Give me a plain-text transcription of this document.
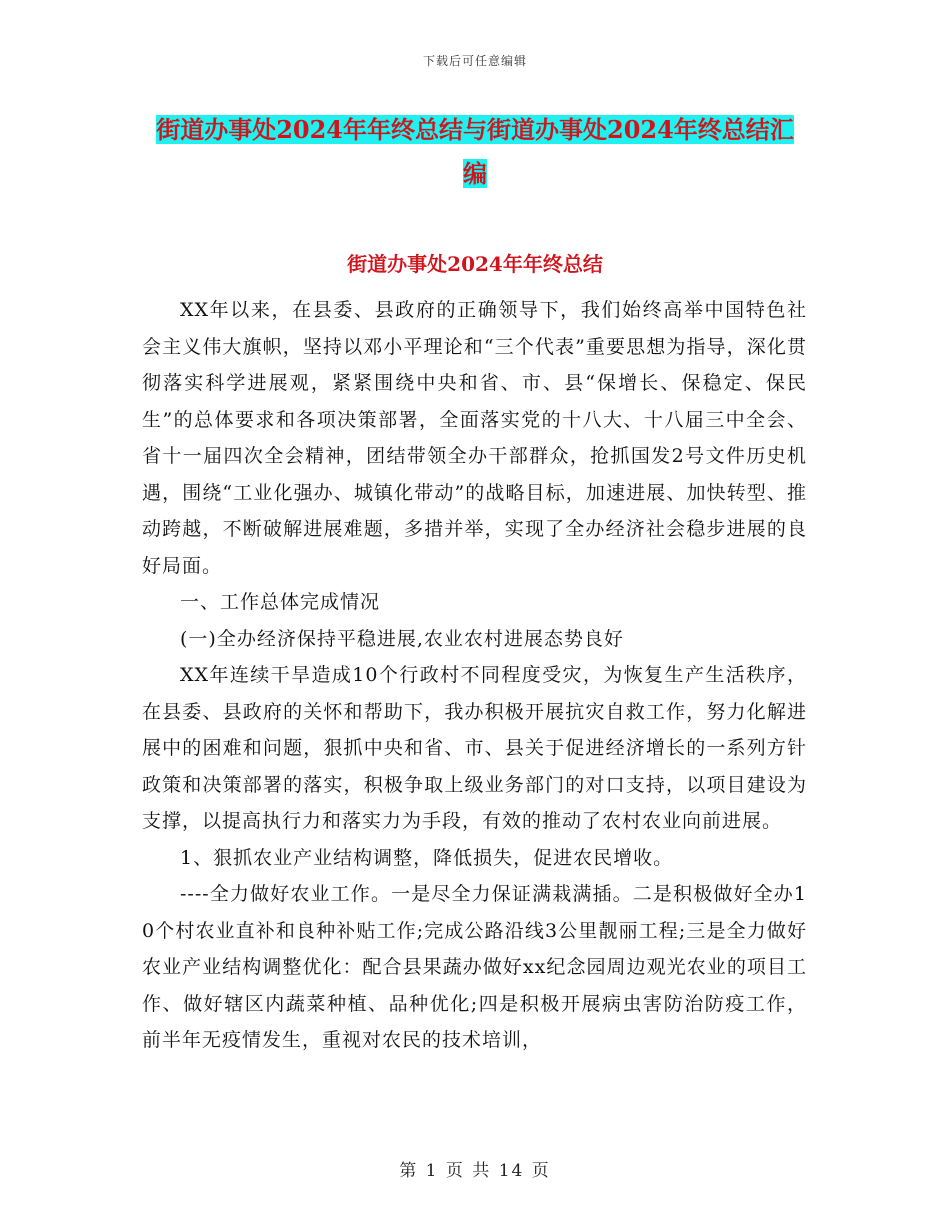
下载后可任意编辑
街道办事处2024年年终总结与街道办事处2024年终总结汇编
街道办事处2024年年终总结

XX年以来，在县委、县政府的正确领导下，我们始终高举中国特色社会主义伟大旗帜，坚持以邓小平理论和“三个代表”重要思想为指导，深化贯彻落实科学进展观，紧紧围绕中央和省、市、县“保增长、保稳定、保民生”的总体要求和各项决策部署，全面落实党的十八大、十八届三中全会、省十一届四次全会精神，团结带领全办干部群众，抢抓国发2号文件历史机遇，围绕“工业化强办、城镇化带动”的战略目标，加速进展、加快转型、推动跨越，不断破解进展难题，多措并举，实现了全办经济社会稳步进展的良好局面。

一、工作总体完成情况

(一)全办经济保持平稳进展,农业农村进展态势良好

XX年连续干旱造成10个行政村不同程度受灾，为恢复生产生活秩序，在县委、县政府的关怀和帮助下，我办积极开展抗灾自救工作，努力化解进展中的困难和问题，狠抓中央和省、市、县关于促进经济增长的一系列方针政策和决策部署的落实，积极争取上级业务部门的对口支持，以项目建设为支撑，以提高执行力和落实力为手段，有效的推动了农村农业向前进展。

1、狠抓农业产业结构调整，降低损失，促进农民增收。

----全力做好农业工作。一是尽全力保证满栽满插。二是积极做好全办10个村农业直补和良种补贴工作;完成公路沿线3公里靓丽工程;三是全力做好农业产业结构调整优化：配合县果蔬办做好xx纪念园周边观光农业的项目工作、做好辖区内蔬菜种植、品种优化;四是积极开展病虫害防治防疫工作，前半年无疫情发生，重视对农民的技术培训，

第 1 页 共 14 页
